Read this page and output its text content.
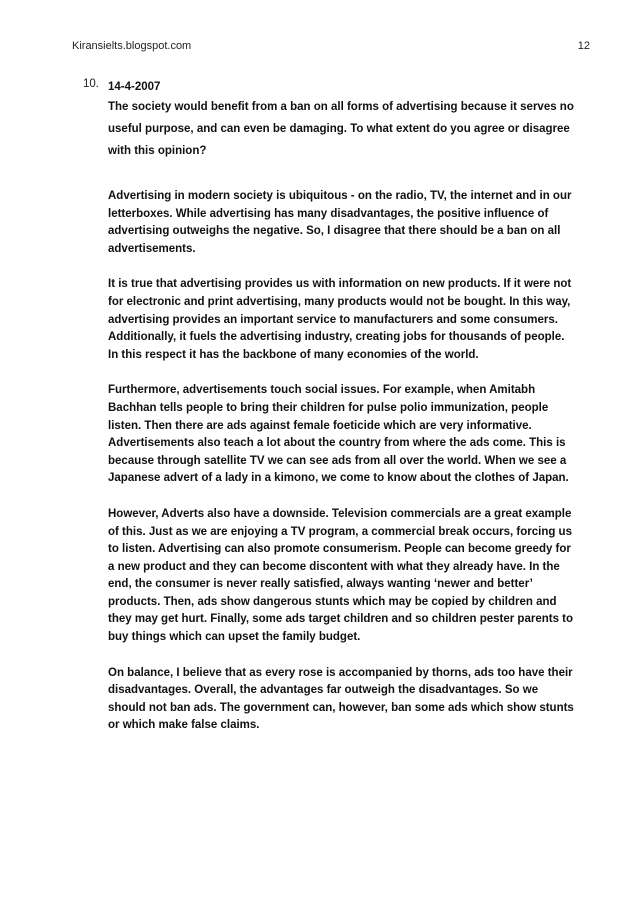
Kiransielts.blogspot.com	12
10. 14-4-2007
The society would benefit from a ban on all forms of advertising because it serves no useful purpose, and can even be damaging. To what extent do you agree or disagree with this opinion?

Advertising in modern society is ubiquitous - on the radio, TV, the internet and in our letterboxes. While advertising has many disadvantages, the positive influence of advertising outweighs the negative. So, I disagree that there should be a ban on all advertisements.

It is true that advertising provides us with information on new products. If it were not for electronic and print advertising, many products would not be bought. In this way, advertising provides an important service to manufacturers and some consumers. Additionally, it fuels the advertising industry, creating jobs for thousands of people. In this respect it has the backbone of many economies of the world.

Furthermore, advertisements touch social issues. For example, when Amitabh Bachhan tells people to bring their children for pulse polio immunization, people listen. Then there are ads against female foeticide which are very informative. Advertisements also teach a lot about the country from where the ads come. This is because through satellite TV we can see ads from all over the world. When we see a Japanese advert of a lady in a kimono, we come to know about the clothes of Japan.

However, Adverts also have a downside. Television commercials are a great example of this. Just as we are enjoying a TV program, a commercial break occurs, forcing us to listen. Advertising can also promote consumerism. People can become greedy for a new product and they can become discontent with what they already have. In the end, the consumer is never really satisfied, always wanting ‘newer and better’ products. Then, ads show dangerous stunts which may be copied by children and they may get hurt. Finally, some ads target children and so children pester parents to buy things which can upset the family budget.

On balance, I believe that as every rose is accompanied by thorns, ads too have their disadvantages. Overall, the advantages far outweigh the disadvantages. So we should not ban ads. The government can, however, ban some ads which show stunts or which make false claims.
